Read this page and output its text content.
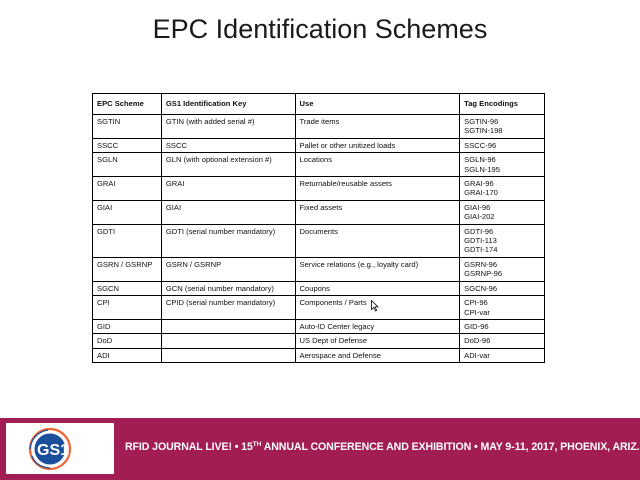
EPC Identification Schemes
EPC Scheme	GS1 Identification Key	Use	Tag Encodings
SGTIN	GTIN (with added serial #)	Trade items	SGTIN-96
SGTIN-198

SSCC	SSCC	Pallet or other unitized loads	SSCC-96

SGLN	GLN (with optional extension #)	Locations	SGLN-96
SGLN-195

GRAI	GRAI	Returnable/reusable assets	GRAI-96
GRAI-170

GIAI	GIAI	Fixed assets	GIAI-96
GIAI-202

GDTI	GDTI (serial number mandatory)	Documents	GDTI-96
GDTI-113
GDTI-174

GSRN / GSRNP	GSRN / GSRNP	Service relations (e.g., loyalty card)	GSRN-96
GSRNP-96

SGCN	GCN (serial number mandatory)	Coupons	SGCN-96

CPI	CPID (serial number mandatory)	Components / Parts	CPI-96
CPI-var

GID		Auto-ID Center legacy	GID-96

DoD		US Dept of Defense	DoD-96

ADI		Aerospace and Defense	ADI-var
GS1	RFID JOURNAL LIVE! • 15TH ANNUAL CONFERENCE AND EXHIBITION • MAY 9-11, 2017, PHOENIX, ARIZ.
